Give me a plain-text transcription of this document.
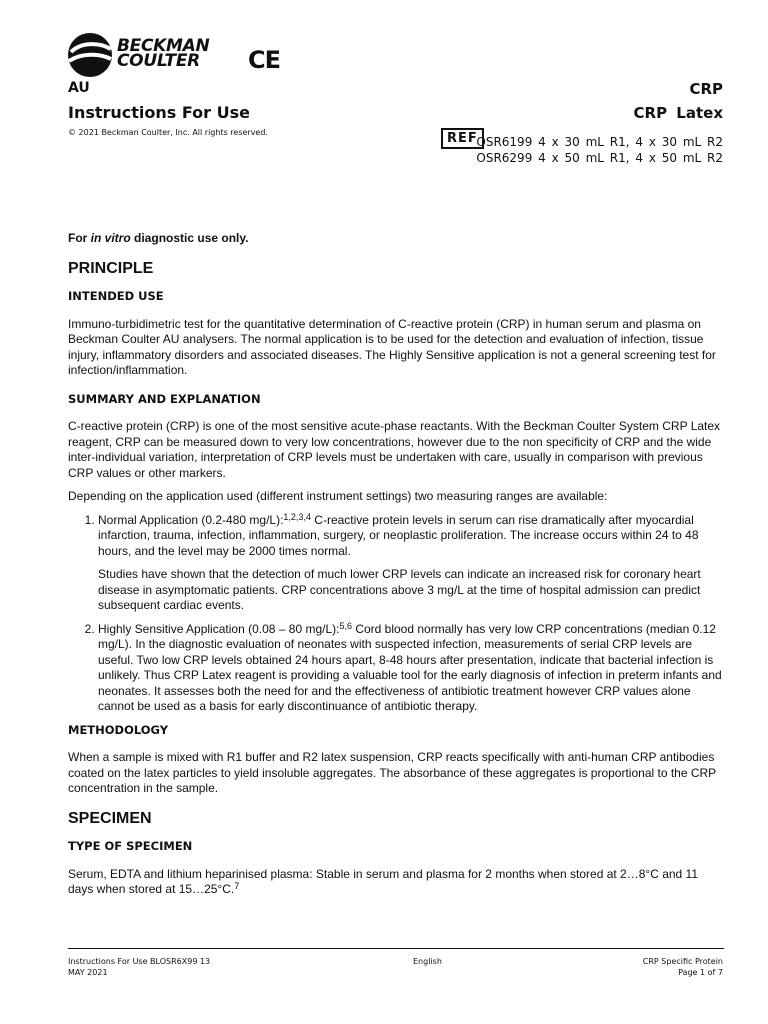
BECKMAN
COULTER	CE
AU
Instructions For Use
© 2021 Beckman Coulter, Inc. All rights reserved.
CRP
CRP Latex
REF
OSR6199 4 x 30 mL R1, 4 x 30 mL R2
OSR6299 4 x 50 mL R1, 4 x 50 mL R2

For in vitro diagnostic use only.

PRINCIPLE

INTENDED USE

Immuno-turbidimetric test for the quantitative determination of C-reactive protein (CRP) in human serum and plasma on Beckman Coulter AU analysers. The normal application is to be used for the detection and evaluation of infection, tissue injury, inflammatory disorders and associated diseases. The Highly Sensitive application is not a general screening test for infection/inflammation.

SUMMARY AND EXPLANATION

C-reactive protein (CRP) is one of the most sensitive acute-phase reactants. With the Beckman Coulter System CRP Latex reagent, CRP can be measured down to very low concentrations, however due to the non specificity of CRP and the wide inter-individual variation, interpretation of CRP levels must be undertaken with care, usually in comparison with previous CRP values or other markers.

Depending on the application used (different instrument settings) two measuring ranges are available:

1. Normal Application (0.2-480 mg/L):$^{1,2,3,4}$ C-reactive protein levels in serum can rise dramatically after myocardial infarction, trauma, infection, inflammation, surgery, or neoplastic proliferation. The increase occurs within 24 to 48 hours, and the level may be 2000 times normal.

Studies have shown that the detection of much lower CRP levels can indicate an increased risk for coronary heart disease in asymptomatic patients. CRP concentrations above 3 mg/L at the time of hospital admission can predict subsequent cardiac events.

2. Highly Sensitive Application (0.08 – 80 mg/L):$^{5,6}$ Cord blood normally has very low CRP concentrations (median 0.12 mg/L). In the diagnostic evaluation of neonates with suspected infection, measurements of serial CRP levels are useful. Two low CRP levels obtained 24 hours apart, 8-48 hours after presentation, indicate that bacterial infection is unlikely. Thus CRP Latex reagent is providing a valuable tool for the early diagnosis of infection in preterm infants and neonates. It assesses both the need for and the effectiveness of antibiotic treatment however CRP values alone cannot be used as a basis for early discontinuance of antibiotic therapy.

METHODOLOGY

When a sample is mixed with R1 buffer and R2 latex suspension, CRP reacts specifically with anti-human CRP antibodies coated on the latex particles to yield insoluble aggregates. The absorbance of these aggregates is proportional to the CRP concentration in the sample.

SPECIMEN

TYPE OF SPECIMEN

Serum, EDTA and lithium heparinised plasma: Stable in serum and plasma for 2 months when stored at 2…8°C and 11 days when stored at 15…25°C.$^7$

Instructions For Use BLOSR6X99 13
MAY 2021
English	CRP Specific Protein
Page 1 of 7
